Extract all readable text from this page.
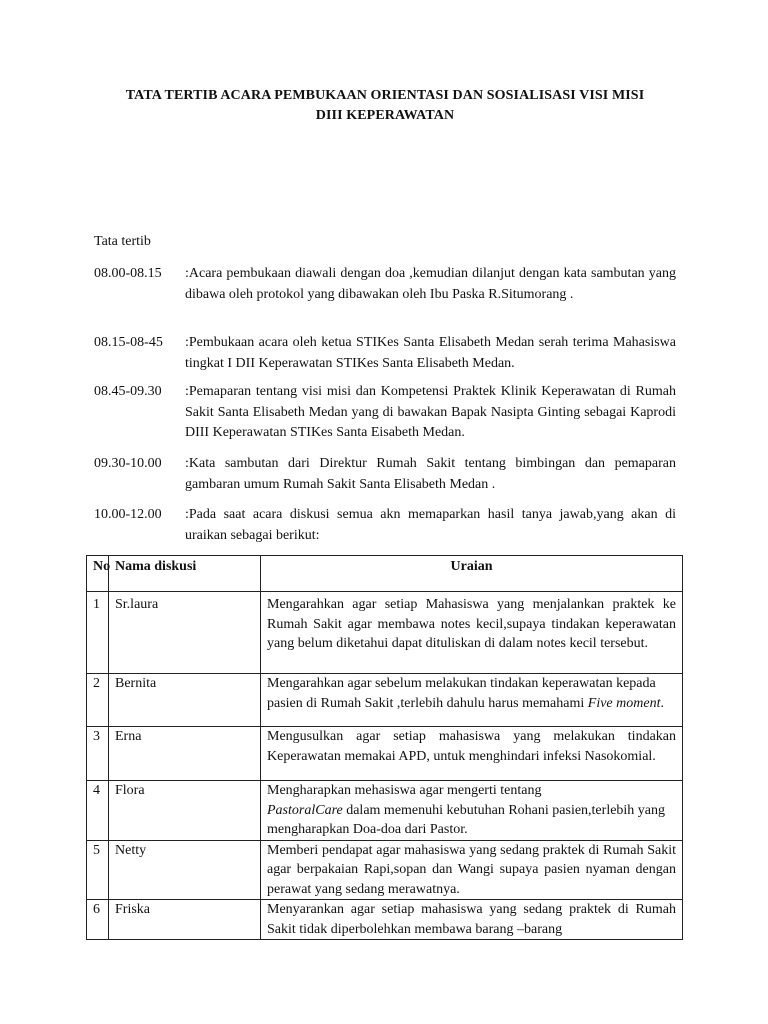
TATA TERTIB ACARA PEMBUKAAN ORIENTASI DAN SOSIALISASI VISI MISI
DIII KEPERAWATAN
Tata tertib
08.00-08.15	:Acara pembukaan diawali dengan doa ,kemudian dilanjut dengan kata sambutan yang dibawa oleh protokol yang dibawakan oleh Ibu Paska R.Situmorang .
08.15-08-45	:Pembukaan acara oleh ketua STIKes Santa Elisabeth Medan serah terima Mahasiswa tingkat I DII Keperawatan STIKes Santa Elisabeth Medan.
08.45-09.30	:Pemaparan tentang visi misi dan Kompetensi Praktek Klinik Keperawatan di Rumah Sakit Santa Elisabeth Medan yang di bawakan Bapak Nasipta Ginting sebagai Kaprodi DIII Keperawatan STIKes Santa Eisabeth Medan.
09.30-10.00	:Kata sambutan dari Direktur Rumah Sakit tentang bimbingan dan pemaparan gambaran umum Rumah Sakit Santa Elisabeth Medan .
10.00-12.00	:Pada saat acara diskusi semua akn memaparkan hasil tanya jawab,yang akan di uraikan sebagai berikut:
No	Nama diskusi	Uraian
1	Sr.laura	Mengarahkan agar setiap Mahasiswa yang menjalankan praktek ke Rumah Sakit agar membawa notes kecil,supaya tindakan keperawatan yang belum diketahui dapat dituliskan di dalam notes kecil tersebut.
2	Bernita	Mengarahkan agar sebelum melakukan tindakan keperawatan kepada pasien di Rumah Sakit ,terlebih dahulu harus memahami Five moment.
3	Erna	Mengusulkan agar setiap mahasiswa yang melakukan tindakan Keperawatan memakai APD, untuk menghindari infeksi Nasokomial.
4	Flora	Mengharapkan mehasiswa agar mengerti tentang
PastoralCare dalam memenuhi kebutuhan Rohani pasien,terlebih yang mengharapkan Doa-doa dari Pastor.
5	Netty	Memberi pendapat agar mahasiswa yang sedang praktek di Rumah Sakit agar berpakaian Rapi,sopan dan Wangi supaya pasien nyaman dengan perawat yang sedang merawatnya.
6	Friska	Menyarankan agar setiap mahasiswa yang sedang praktek di Rumah Sakit tidak diperbolehkan membawa barang –barang
